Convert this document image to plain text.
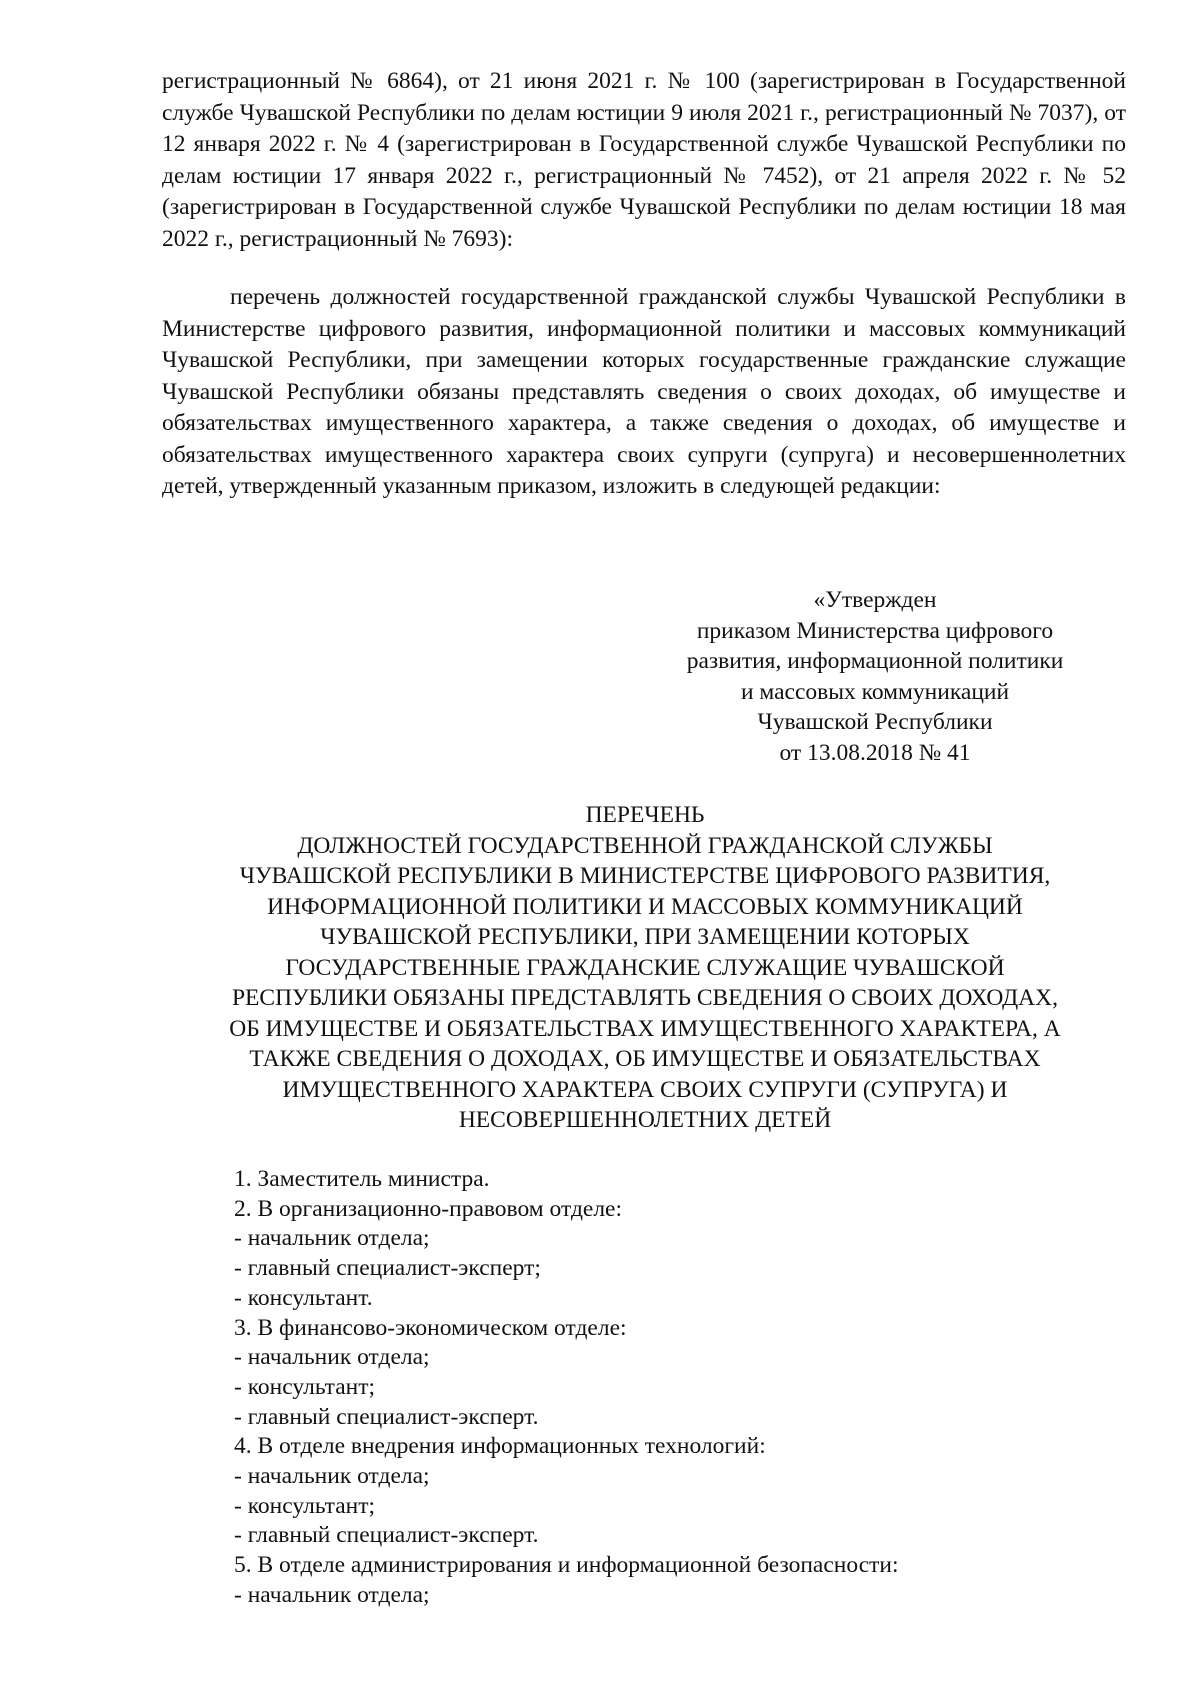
регистрационный № 6864), от 21 июня 2021 г. № 100 (зарегистрирован в Государственной службе Чувашской Республики по делам юстиции 9 июля 2021 г., регистрационный № 7037), от 12 января 2022 г. № 4 (зарегистрирован в Государственной службе Чувашской Республики по делам юстиции 17 января 2022 г., регистрационный № 7452), от 21 апреля 2022 г. № 52 (зарегистрирован в Государственной службе Чувашской Республики по делам юстиции 18 мая 2022 г., регистрационный № 7693):

перечень должностей государственной гражданской службы Чувашской Республики в Министерстве цифрового развития, информационной политики и массовых коммуникаций Чувашской Республики, при замещении которых государственные гражданские служащие Чувашской Республики обязаны представлять сведения о своих доходах, об имуществе и обязательствах имущественного характера, а также сведения о доходах, об имуществе и обязательствах имущественного характера своих супруги (супруга) и несовершеннолетних детей, утвержденный указанным приказом, изложить в следующей редакции:

«Утвержден
приказом Министерства цифрового
развития, информационной политики
и массовых коммуникаций
Чувашской Республики
от 13.08.2018 № 41
ПЕРЕЧЕНЬ
ДОЛЖНОСТЕЙ ГОСУДАРСТВЕННОЙ ГРАЖДАНСКОЙ СЛУЖБЫ
ЧУВАШСКОЙ РЕСПУБЛИКИ В МИНИСТЕРСТВЕ ЦИФРОВОГО РАЗВИТИЯ,
ИНФОРМАЦИОННОЙ ПОЛИТИКИ И МАССОВЫХ КОММУНИКАЦИЙ
ЧУВАШСКОЙ РЕСПУБЛИКИ, ПРИ ЗАМЕЩЕНИИ КОТОРЫХ
ГОСУДАРСТВЕННЫЕ ГРАЖДАНСКИЕ СЛУЖАЩИЕ ЧУВАШСКОЙ
РЕСПУБЛИКИ ОБЯЗАНЫ ПРЕДСТАВЛЯТЬ СВЕДЕНИЯ О СВОИХ ДОХОДАХ,
ОБ ИМУЩЕСТВЕ И ОБЯЗАТЕЛЬСТВАХ ИМУЩЕСТВЕННОГО ХАРАКТЕРА, А
ТАКЖЕ СВЕДЕНИЯ О ДОХОДАХ, ОБ ИМУЩЕСТВЕ И ОБЯЗАТЕЛЬСТВАХ
ИМУЩЕСТВЕННОГО ХАРАКТЕРА СВОИХ СУПРУГИ (СУПРУГА) И
НЕСОВЕРШЕННОЛЕТНИХ ДЕТЕЙ
1. Заместитель министра.
2. В организационно-правовом отделе:
- начальник отдела;
- главный специалист-эксперт;
- консультант.
3. В финансово-экономическом отделе:
- начальник отдела;
- консультант;
- главный специалист-эксперт.
4. В отделе внедрения информационных технологий:
- начальник отдела;
- консультант;
- главный специалист-эксперт.
5. В отделе администрирования и информационной безопасности:
- начальник отдела;
